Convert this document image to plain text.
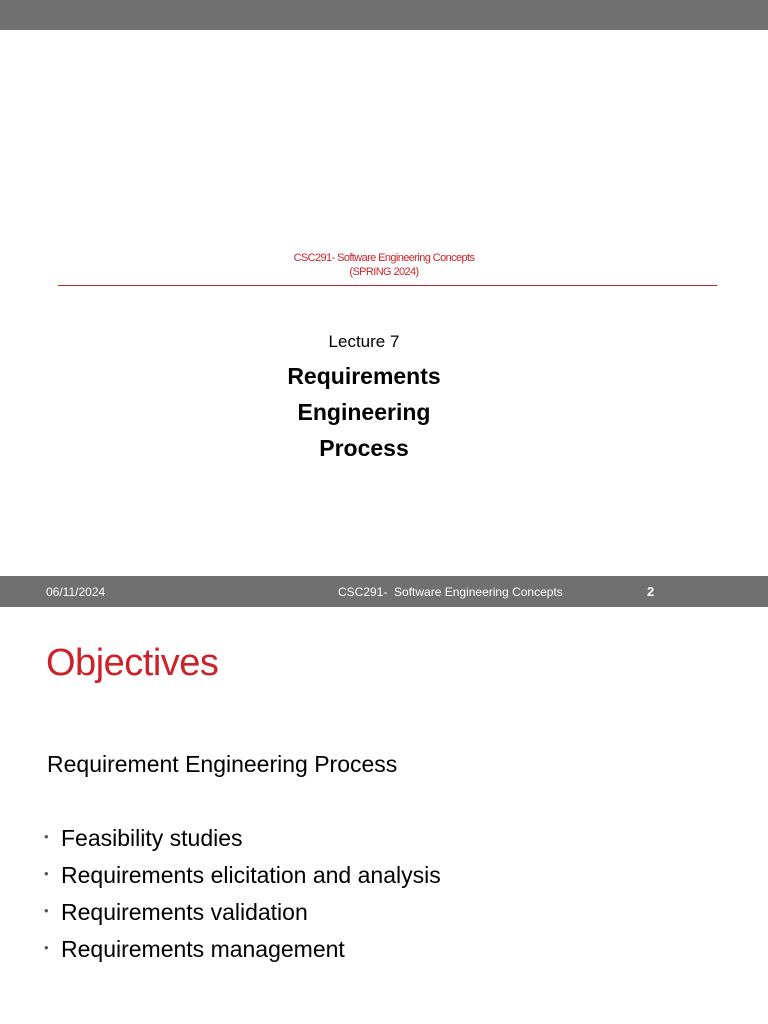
CSC291- Software Engineering Concepts
(SPRING 2024)
Lecture 7
Requirements
Engineering
Process
06/11/2024	CSC291-  Software Engineering Concepts	2
Objectives
Requirement Engineering Process
• Feasibility studies
• Requirements elicitation and analysis
• Requirements validation
• Requirements management
